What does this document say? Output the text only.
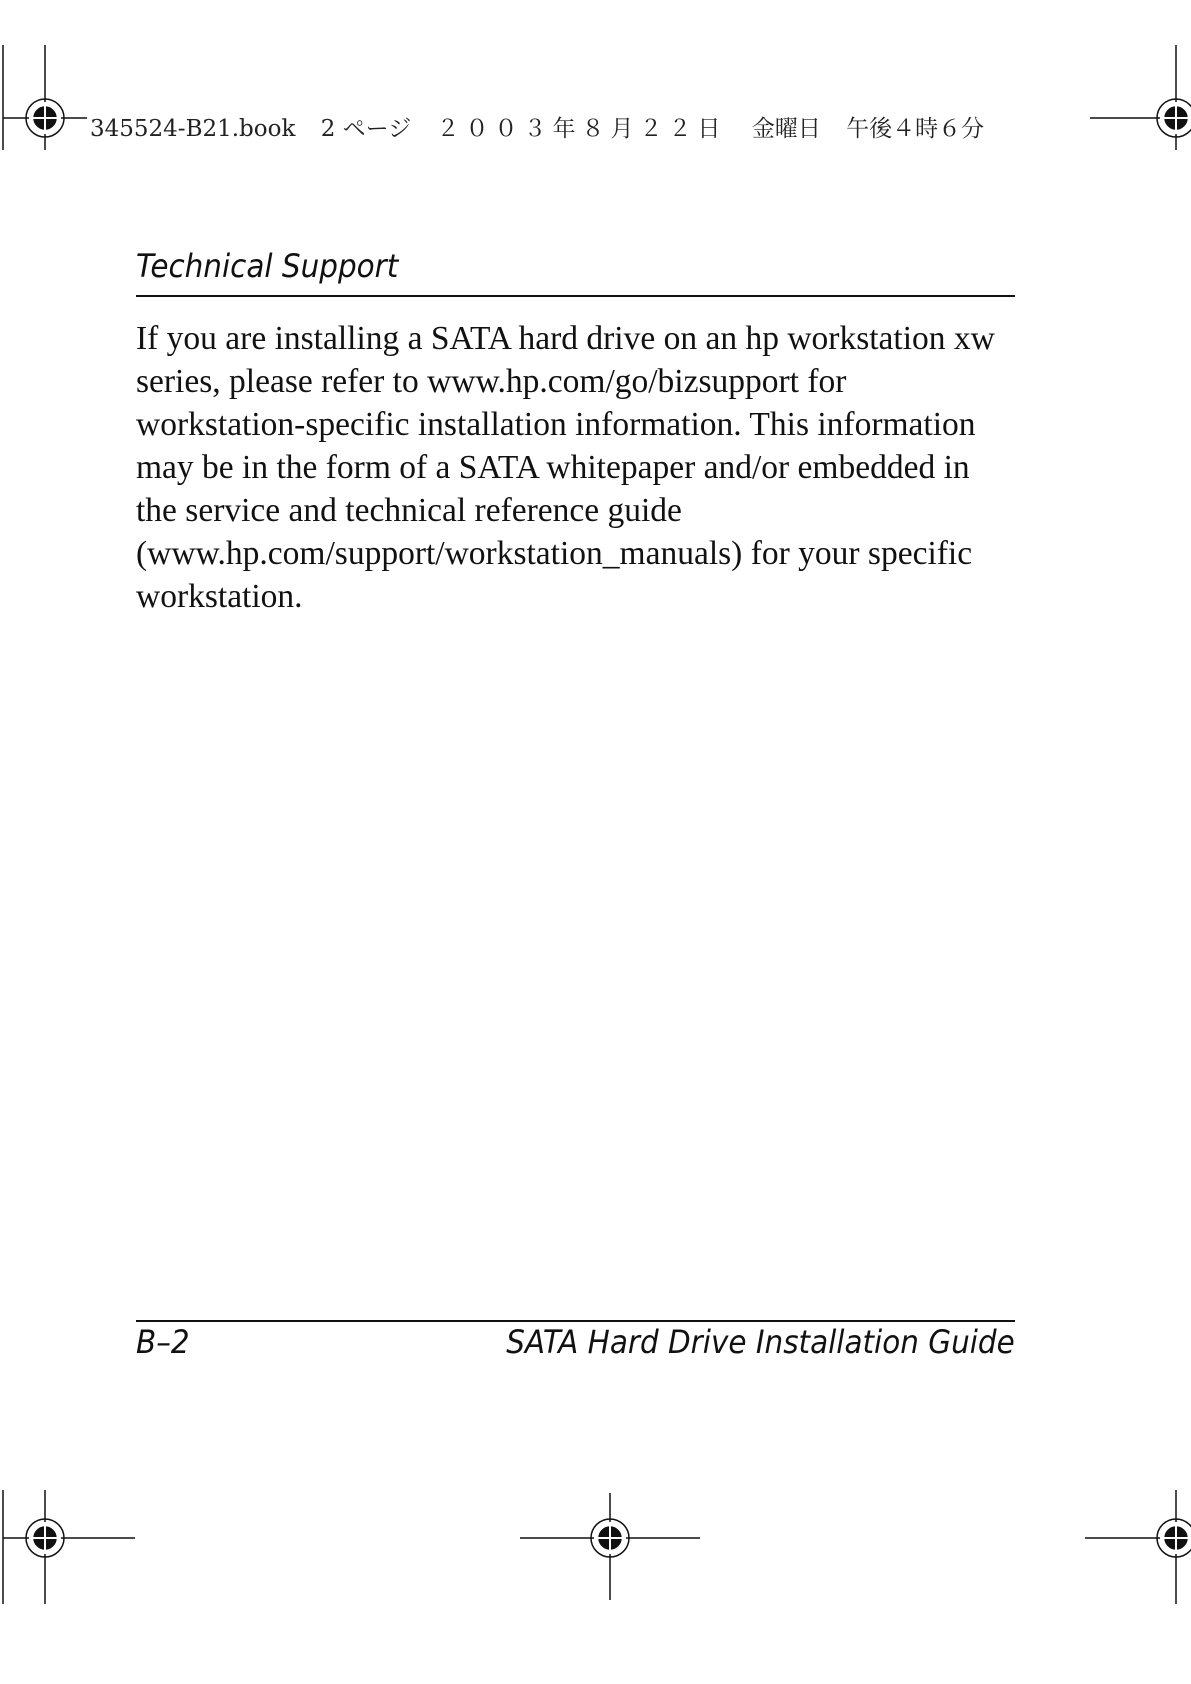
345524-B21.book 2 ページ ２００３年８月２２日 金曜日 午後４時６分
Technical Support

If you are installing a SATA hard drive on an hp workstation xw
series, please refer to www.hp.com/go/bizsupport for
workstation-specific installation information. This information
may be in the form of a SATA whitepaper and/or embedded in
the service and technical reference guide
(www.hp.com/support/workstation_manuals) for your specific
workstation.

B–2	SATA Hard Drive Installation Guide
